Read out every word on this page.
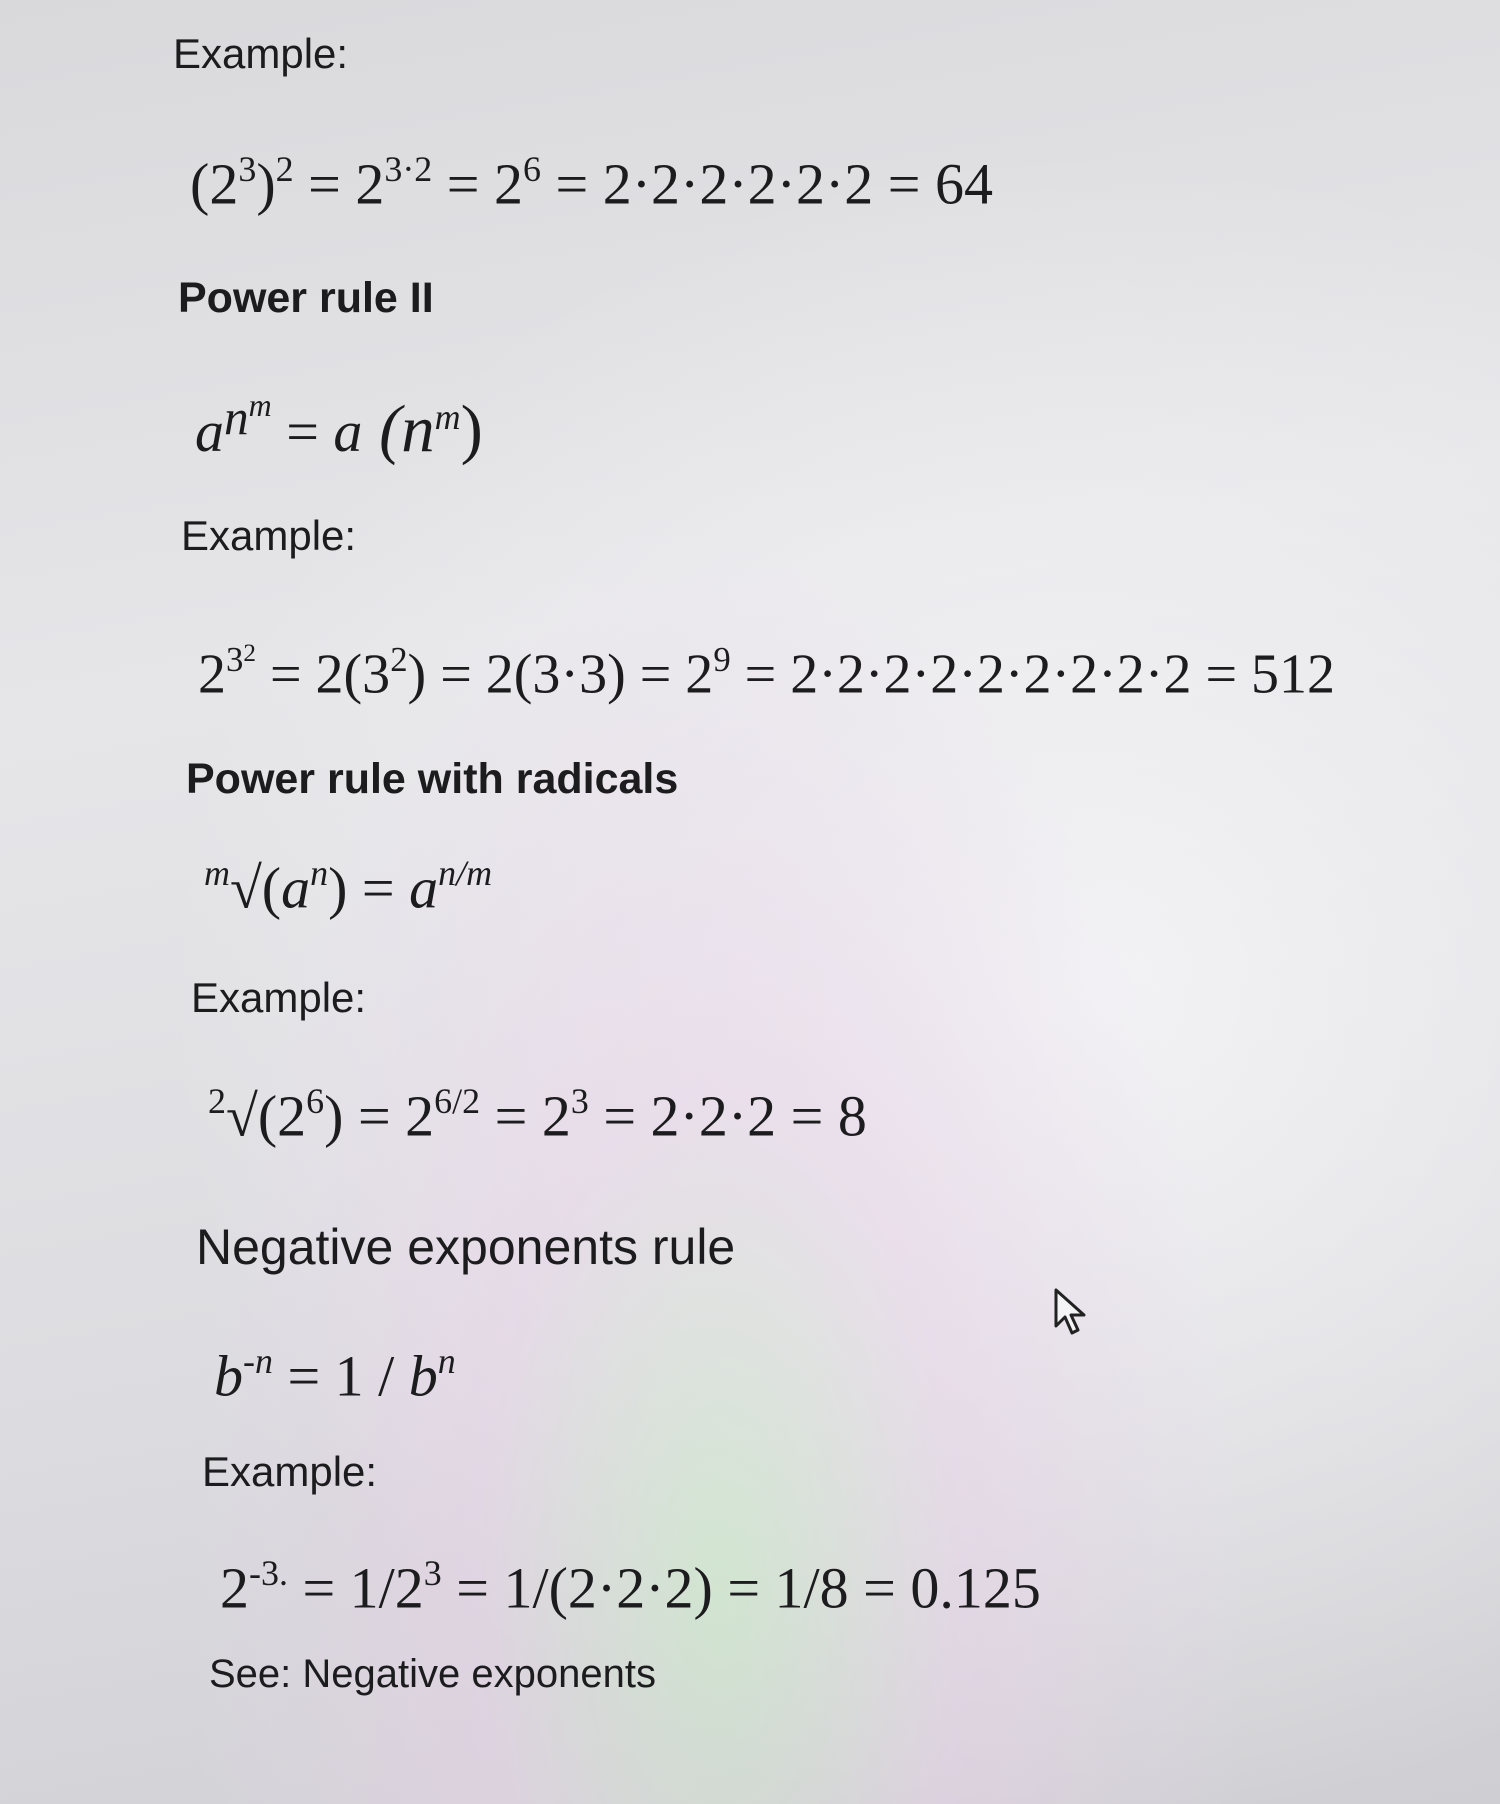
Example:
$(2^3)^2 = 2^{3\cdot 2} = 2^6 = 2\cdot 2\cdot 2\cdot 2\cdot 2\cdot 2 = 64$
Power rule II
$a^{nm} = a$ $(n^m)$
Example:
$2^{32} = 2(3^2) = 2(3\cdot 3) = 2^9 = 2\cdot 2\cdot 2\cdot 2\cdot 2\cdot 2\cdot 2\cdot 2\cdot 2 = 512$
Power rule with radicals
$^m√(a^n) = a^{n/m}$
Example:
$^2√(2^6) = 2^{6/2} = 2^3 = 2\cdot 2\cdot 2 = 8$
Negative exponents rule
$b^{-n} = 1 / b^n$
Example:
$2^{-3.} = 1/2^3 = 1/(2\cdot 2\cdot 2) = 1/8 = 0.125$
See: Negative exponents
